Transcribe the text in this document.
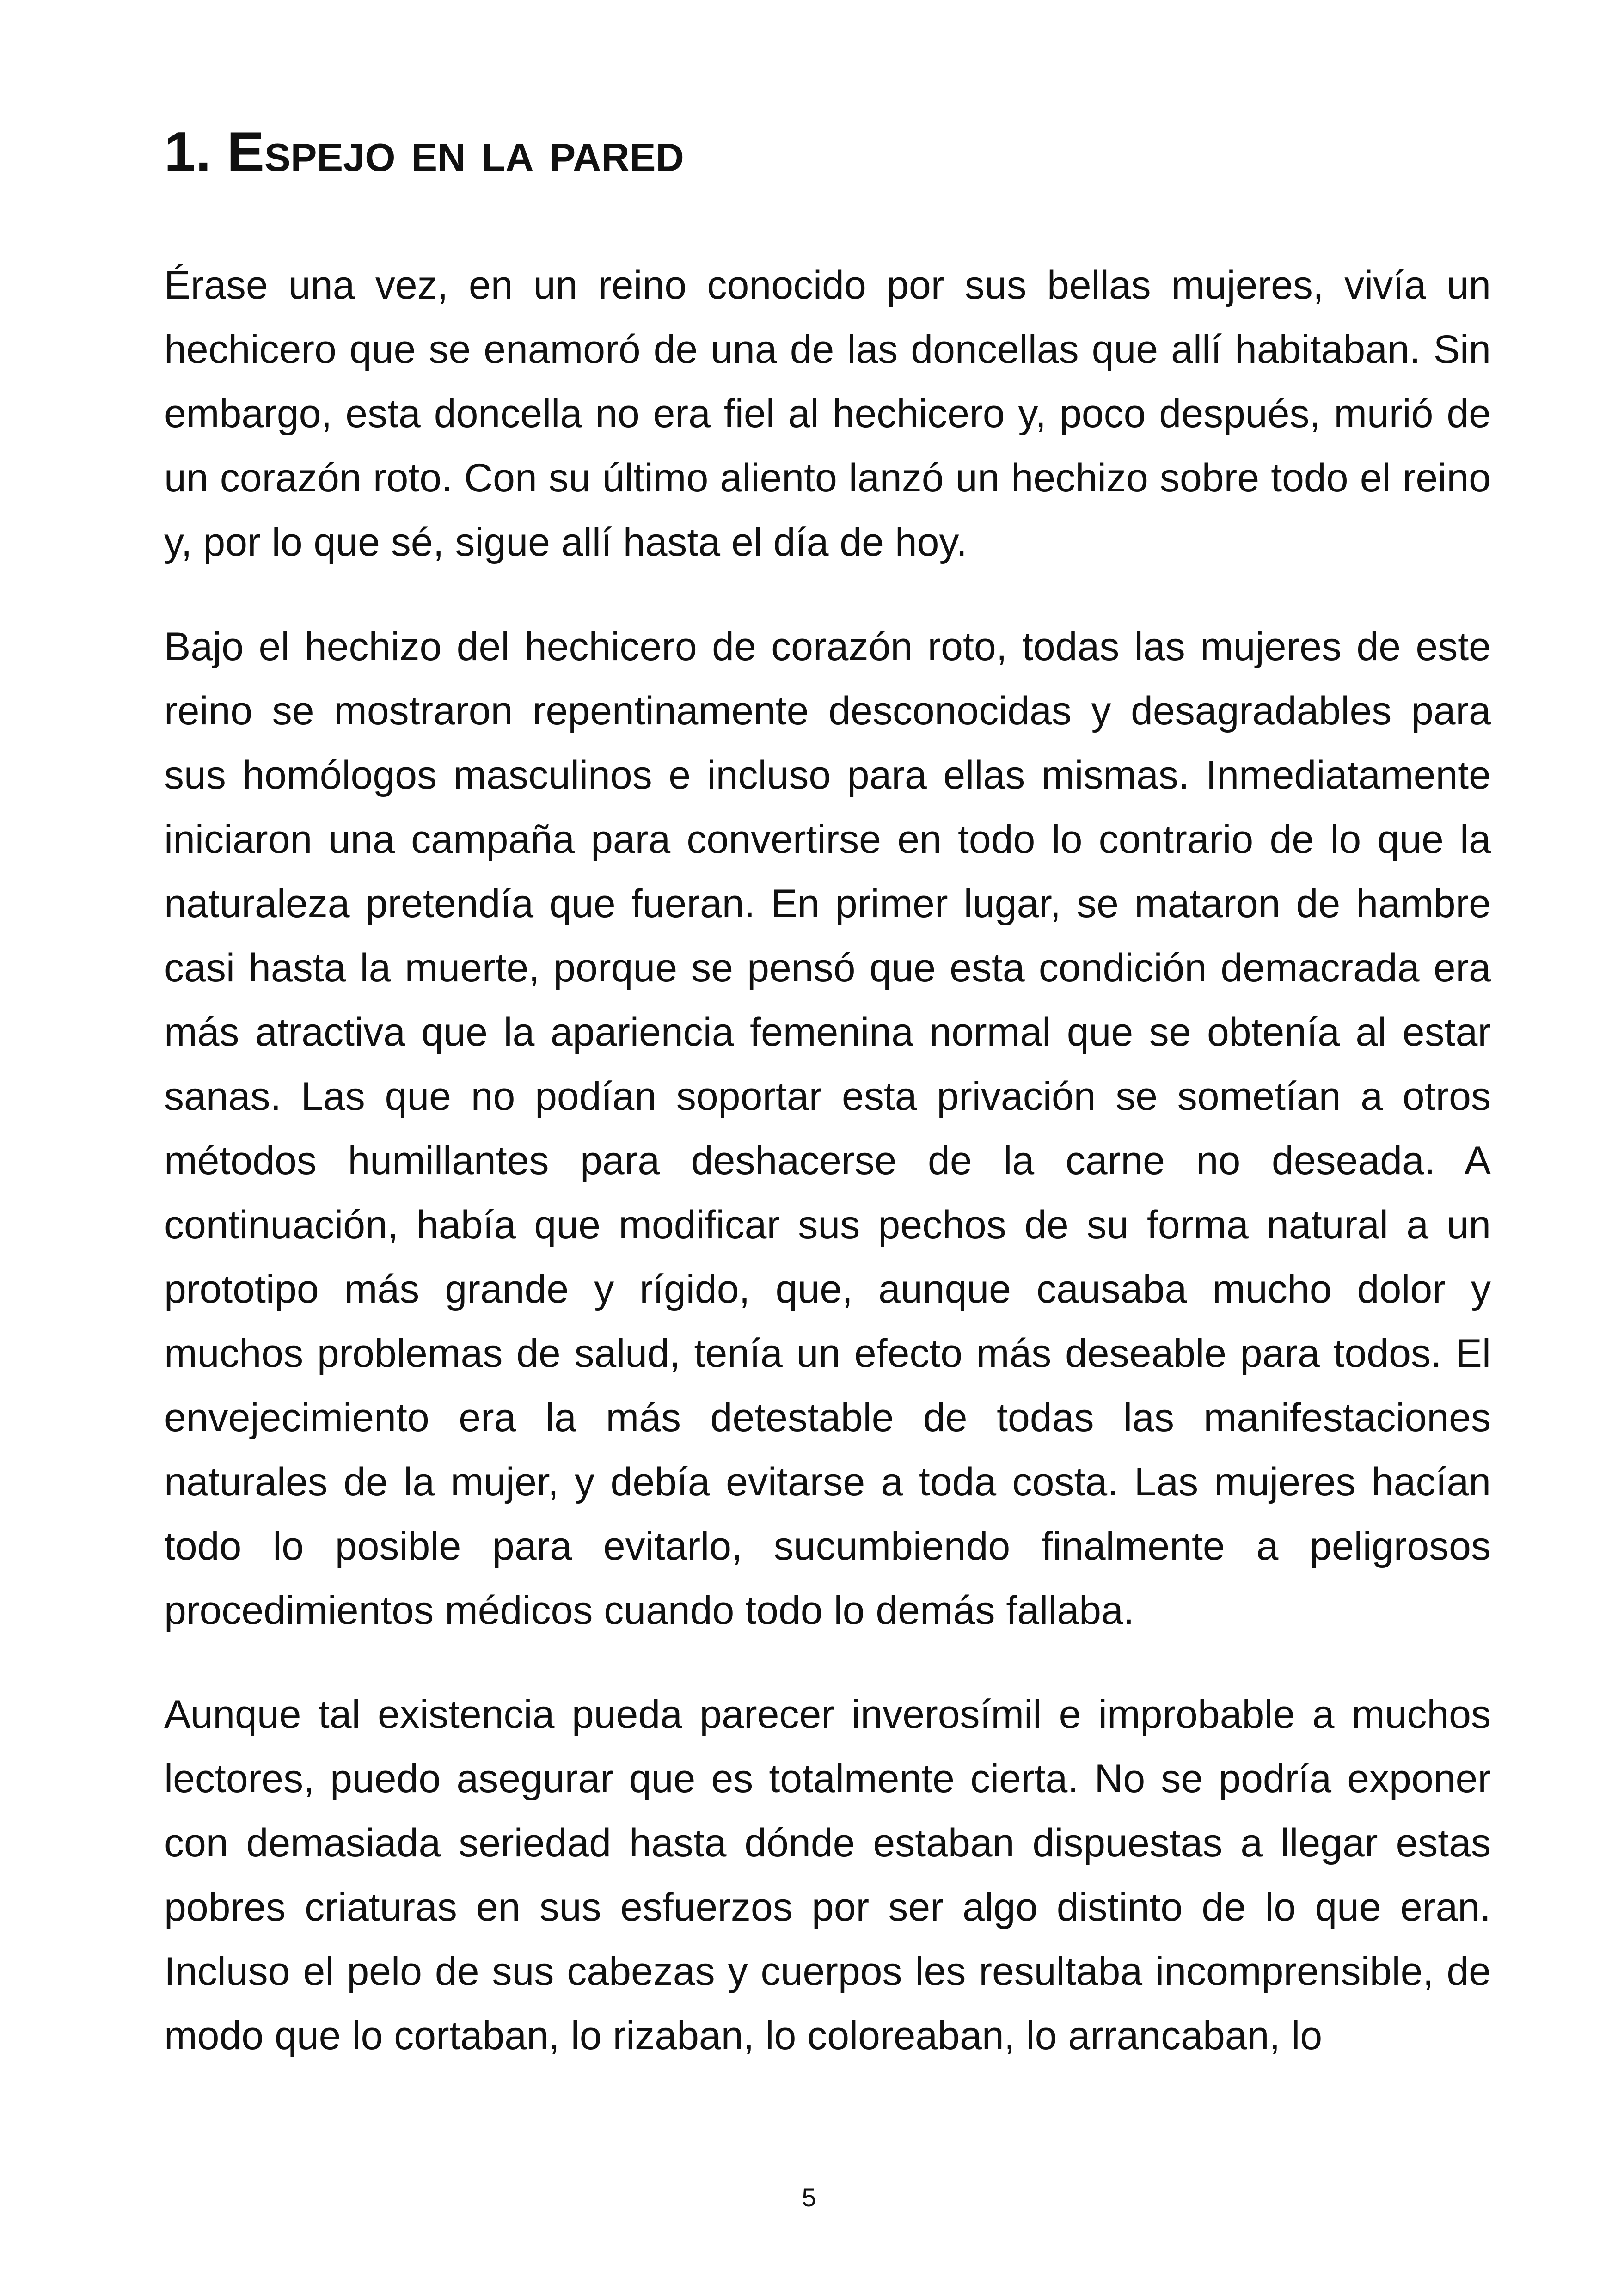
1. Espejo en la pared

Érase una vez, en un reino conocido por sus bellas mujeres, vivía un hechicero que se enamoró de una de las doncellas que allí habitaban. Sin embargo, esta doncella no era fiel al hechicero y, poco después, murió de un corazón roto. Con su último aliento lanzó un hechizo sobre todo el reino y, por lo que sé, sigue allí hasta el día de hoy.

Bajo el hechizo del hechicero de corazón roto, todas las mujeres de este reino se mostraron repentinamente desconocidas y desagradables para sus homólogos masculinos e incluso para ellas mismas. Inmediatamente iniciaron una campaña para convertirse en todo lo contrario de lo que la naturaleza pretendía que fueran. En primer lugar, se mataron de hambre casi hasta la muerte, porque se pensó que esta condición demacrada era más atractiva que la apariencia femenina normal que se obtenía al estar sanas. Las que no podían soportar esta privación se sometían a otros métodos humillantes para deshacerse de la carne no deseada. A continuación, había que modificar sus pechos de su forma natural a un prototipo más grande y rígido, que, aunque causaba mucho dolor y muchos problemas de salud, tenía un efecto más deseable para todos. El envejecimiento era la más detestable de todas las manifestaciones naturales de la mujer, y debía evitarse a toda costa. Las mujeres hacían todo lo posible para evitarlo, sucumbiendo finalmente a peligrosos procedimientos médicos cuando todo lo demás fallaba.

Aunque tal existencia pueda parecer inverosímil e improbable a muchos lectores, puedo asegurar que es totalmente cierta. No se podría exponer con demasiada seriedad hasta dónde estaban dispuestas a llegar estas pobres criaturas en sus esfuerzos por ser algo distinto de lo que eran. Incluso el pelo de sus cabezas y cuerpos les resultaba incomprensible, de modo que lo cortaban, lo rizaban, lo coloreaban, lo arrancaban, lo

5
